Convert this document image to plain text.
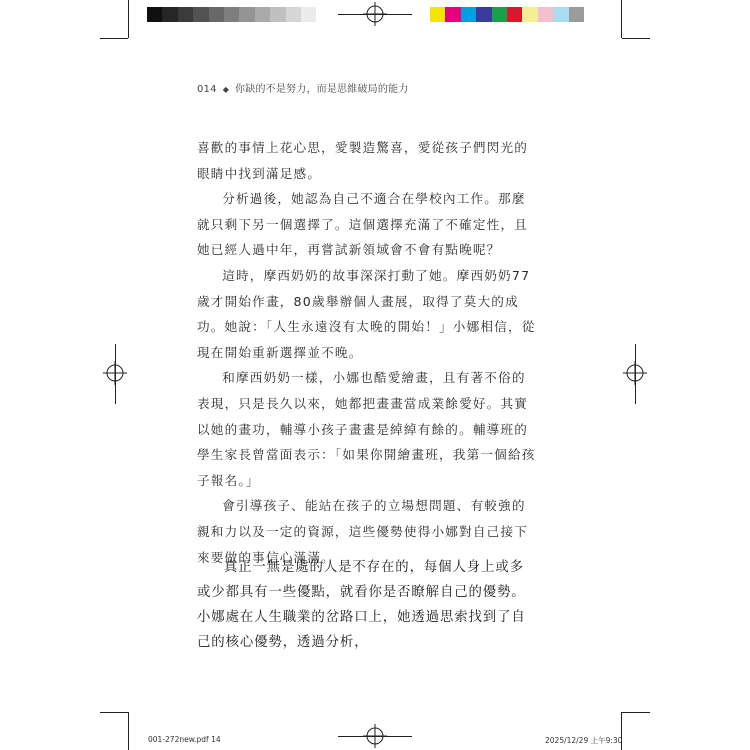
014 ◆ 你缺的不是努力，而是思維破局的能力

喜歡的事情上花心思，愛製造驚喜，愛從孩子們閃光的眼睛中找到滿足感。

分析過後，她認為自己不適合在學校內工作。那麼就只剩下另一個選擇了。這個選擇充滿了不確定性，且她已經人過中年，再嘗試新領域會不會有點晚呢？

這時，摩西奶奶的故事深深打動了她。摩西奶奶77歲才開始作畫，80歲舉辦個人畫展，取得了莫大的成功。她說：「人生永遠沒有太晚的開始！」小娜相信，從現在開始重新選擇並不晚。

和摩西奶奶一樣，小娜也酷愛繪畫，且有著不俗的表現，只是長久以來，她都把畫畫當成業餘愛好。其實以她的畫功，輔導小孩子畫畫是綽綽有餘的。輔導班的學生家長曾當面表示：「如果你開繪畫班，我第一個給孩子報名。」

會引導孩子、能站在孩子的立場想問題、有較強的親和力以及一定的資源，這些優勢使得小娜對自己接下來要做的事信心滿滿。

真正一無是處的人是不存在的，每個人身上或多或少都具有一些優點，就看你是否瞭解自己的優勢。小娜處在人生職業的岔路口上，她透過思索找到了自己的核心優勢，透過分析，

001-272new.pdf 14	2025/12/29 上午9:30
